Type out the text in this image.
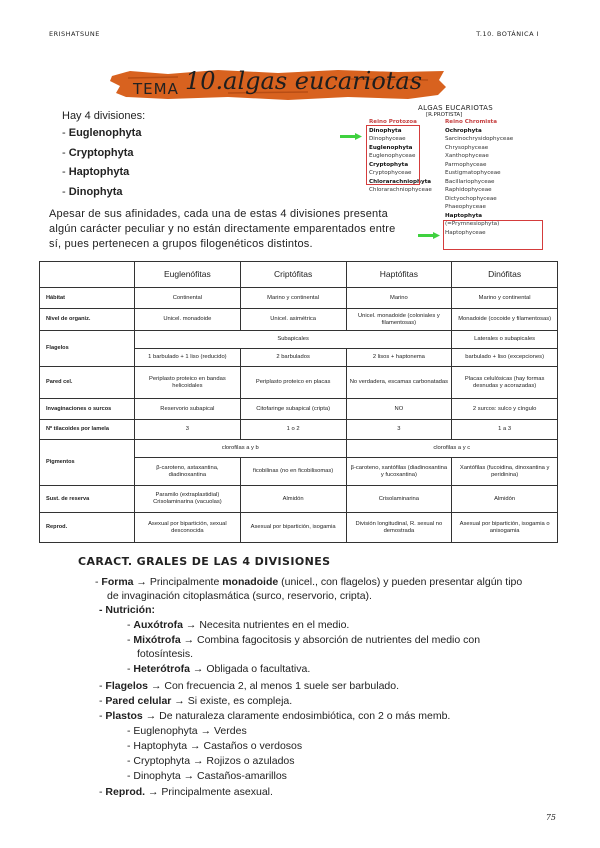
ERISHATSUNE	T.10. BOTÁNICA I
TEMA 10.algas eucariotas
Hay 4 divisiones:
- Euglenophyta
- Cryptophyta
- Haptophyta
- Dinophyta
Apesar de sus afinidades, cada una de estas 4 divisiones presenta algún carácter peculiar y no están directamente emparentados entre sí, pues pertenecen a grupos filogenéticos distintos.
ALGAS EUCARIOTAS
[R.PROTISTA]
Reino Protozoa
Dinophyta
Dinophyceae
Euglenophyta
Euglenophyceae
Cryptophyta
Cryptophyceae
Chlorarachniophyta
Chlorarachniophyceae
Reino Chromista
Ochrophyta
Sarcinochrysidophyceae
Chrysophyceae
Xanthophyceae
Parmophyceae
Eustigmatophyceae
Bacillariophyceae
Raphidophyceae
Dictyochophyceae
Phaeophyceae
Haptophyta
(=Prymnesiophyta)
Haptophyceae
	Euglenófitas	Criptófitas	Haptófitas	Dinófitas
Hábitat	Continental	Marino y continental	Marino	Marino y continental
Nivel de organiz.	Unicel. monadoide	Unicel. asimétrica	Unicel. monadoide (coloniales y filamentosas)	Monadoide (cocoide y filamentosas)
Flagelos	Subapicales			Laterales o subapicales
	1 barbulado + 1 liso (reducido)	2 barbulados	2 lisos + haptonema	barbulado + liso (excepciones)
Pared cel.	Periplasto proteico en bandas helicoidales	Periplasto proteico en placas	No verdadera, escamas carbonatadas	Placas celulósicas (hay formas desnudas y acorazadas)
Invaginaciones o surcos	Reservorio subapical	Citofaringe subapical (cripta)	NO	2 surcos: sulco y cíngulo
Nº tilacoides por lamela	3	1 o 2	3	1 a 3
Pigmentos	clorofilas a y b		clorofilas a y c	
	β-caroteno, astaxantina, diadinoxantina	ficobilinas (no en ficobilisomas)	β-caroteno, xantófilas (diadinoxantina y fucoxantina)	Xantófilas (fucoidina, dinoxantina y peridinina)
Sust. de reserva	Paramilo (extraplastidial) Crisolaminarina (vacuolas)	Almidón	Crisolaminarina	Almidón
Reprod.	Asexual por bipartición, sexual desconocida	Asexual por bipartición, isogamia	División longitudinal, R. sexual no demostrada	Asexual por bipartición, isogamia o anisogamia
CARACT. GRALES DE LAS 4 DIVISIONES
- Forma → Principalmente monadoide (unicel., con flagelos) y pueden presentar algún tipo
de invaginación citoplasmática (surco, reservorio, cripta).
- Nutrición:
- Auxótrofa → Necesita nutrientes en el medio.
- Mixótrofa → Combina fagocitosis y absorción de nutrientes del medio con
fotosíntesis.
- Heterótrofa → Obligada o facultativa.
- Flagelos → Con frecuencia 2, al menos 1 suele ser barbulado.
- Pared celular → Si existe, es compleja.
- Plastos → De naturaleza claramente endosimbiótica, con 2 o más memb.
- Euglenophyta → Verdes
- Haptophyta → Castaños o verdosos
- Cryptophyta → Rojizos o azulados
- Dinophyta → Castaños-amarillos
- Reprod. → Principalmente asexual.
75
